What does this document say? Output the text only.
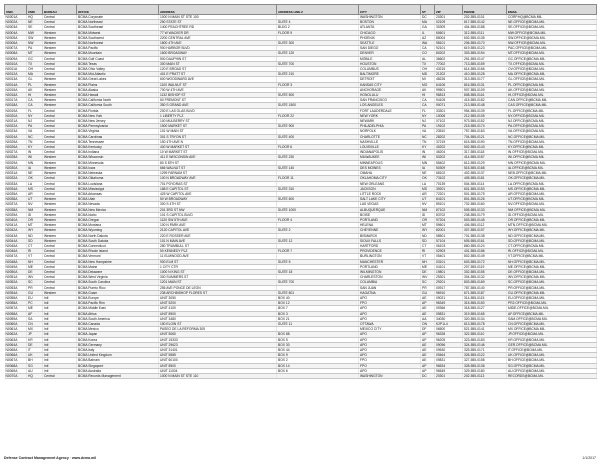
UNIC	CMD	BUREAU	OFFICE	ADDRESS	ADDRESS LINE 2	CITY	ST	ZIP	PHONE	EMAIL
N0001A	HQ	Central	BCMA Corporate	1000 N MAIN ST STE 100		WASHINGTON	DC	20301	202-555-0101	CORP.HQ@BCMA.MIL
N0002A	NE	Central	BCMA Northeast	250 STATE ST	SUITE 4	BOSTON	MA	02109	617-555-0142	NE.OFFICE@BCMA.MIL
N0003A	SE	Central	BCMA Southeast	1400 PEACHTREE RD	BLDG 2	ATLANTA	GA	30309	404-555-0188	SE.OFFICE@BCMA.MIL
N0004A	MW	Western	BCMA Midwest	77 W WACKER DR	FLOOR 9	CHICAGO	IL	60601	312-555-0111	MW.OFFICE@BCMA.MIL
N0005A	SW	Western	BCMA Southwest	2200 CENTRAL AVE		PHOENIX	AZ	85004	602-555-0135	SW.OFFICE@BCMA.MIL
N0006A	NW	Western	BCMA Northwest	1800 4TH AVE	SUITE 300	SEATTLE	WA	98101	206-555-0170	NW.OFFICE@BCMA.MIL
N0007A	PA	Western	BCMA Pacific	900 HARBOR BLVD		SAN DIEGO	CA	92101	619-555-0123	PAC.OFFICE@BCMA.MIL
N0008A	MT	Western	BCMA Mountain	1600 BROADWAY	SUITE 120	DENVER	CO	80202	303-555-0194	MT.OFFICE@BCMA.MIL
N0009A	GC	Central	BCMA Gulf Coast	500 DAUPHIN ST		MOBILE	AL	36602	251-555-0147	GC.OFFICE@BCMA.MIL
N0010A	TX	Central	BCMA Texas	300 MAIN ST	SUITE 700	HOUSTON	TX	77002	713-555-0159	TX.OFFICE@BCMA.MIL
N0011A	OH	Central	BCMA Ohio Valley	120 E BROAD ST		COLUMBUS	OH	43215	614-555-0166	OV.OFFICE@BCMA.MIL
N0012A	MA	Central	BCMA Mid-Atlantic	401 E PRATT ST	SUITE 210	BALTIMORE	MD	21202	410-555-0128	MA.OFFICE@BCMA.MIL
N0013A	GL	Western	BCMA Great Lakes	600 WOODWARD AVE		DETROIT	MI	48226	313-555-0177	GL.OFFICE@BCMA.MIL
N0014A	PL	Western	BCMA Plains	1100 WALNUT ST	FLOOR 3	KANSAS CITY	MO	64106	816-555-0131	PL.OFFICE@BCMA.MIL
N0015A	AK	Western	BCMA Alaska	700 W 4TH AVE		ANCHORAGE	AK	99501	907-555-0109	AK.OFFICE@BCMA.MIL
N0016A	HI	Western	BCMA Hawaii	1132 BISHOP ST	SUITE 500	HONOLULU	HI	96813	808-555-0116	HI.OFFICE@BCMA.MIL
N0017A	CA	Western	BCMA California North	50 FREMONT ST		SAN FRANCISCO	CA	94105	415-555-0182	CAN.OFFICE@BCMA.MIL
N0018A	CA	Western	BCMA California South	350 S GRAND AVE	SUITE 1500	LOS ANGELES	CA	90071	213-555-0148	CAS.OFFICE@BCMA.MIL
N0019A	FL	Central	BCMA Florida	200 E LAS OLAS BLVD		FORT LAUDERDALE	FL	33301	954-555-0139	FL.OFFICE@BCMA.MIL
N0020A	NY	Central	BCMA New York	1 LIBERTY PLZ	FLOOR 22	NEW YORK	NY	10006	212-555-0105	NY.OFFICE@BCMA.MIL
N0021A	NJ	Central	BCMA New Jersey	100 MULBERRY ST		NEWARK	NJ	07102	973-555-0152	NJ.OFFICE@BCMA.MIL
N0022A	PA	Central	BCMA Pennsylvania	1500 MARKET ST	SUITE 900	PHILADELPHIA	PA	19102	215-555-0174	PA.OFFICE@BCMA.MIL
N0023A	VA	Central	BCMA Virginia	101 W MAIN ST		NORFOLK	VA	23510	757-555-0163	VA.OFFICE@BCMA.MIL
N0024A	NC	Central	BCMA Carolinas	301 S TRYON ST	SUITE 400	CHARLOTTE	NC	28202	704-555-0121	NC.OFFICE@BCMA.MIL
N0025A	TN	Central	BCMA Tennessee	150 4TH AVE N		NASHVILLE	TN	37219	615-555-0190	TN.OFFICE@BCMA.MIL
N0026A	KY	Central	BCMA Kentucky	400 W MARKET ST	FLOOR 6	LOUISVILLE	KY	40202	502-555-0143	KY.OFFICE@BCMA.MIL
N0027A	IN	Central	BCMA Indiana	10 W MARKET ST		INDIANAPOLIS	IN	46204	317-555-0118	IN.OFFICE@BCMA.MIL
N0028A	WI	Western	BCMA Wisconsin	411 E WISCONSIN AVE	SUITE 230	MILWAUKEE	WI	53202	414-555-0157	WI.OFFICE@BCMA.MIL
N0029A	MN	Western	BCMA Minnesota	80 S 8TH ST		MINNEAPOLIS	MN	55402	612-555-0129	MN.OFFICE@BCMA.MIL
N0030A	IA	Western	BCMA Iowa	666 WALNUT ST	SUITE 140	DES MOINES	IA	50309	515-555-0168	IA.OFFICE@BCMA.MIL
N0031A	NE	Western	BCMA Nebraska	1299 FARNAM ST		OMAHA	NE	68102	402-555-0137	NEB.OFFICE@BCMA.MIL
N0032A	OK	Central	BCMA Oklahoma	100 N BROADWAY AVE	FLOOR 11	OKLAHOMA CITY	OK	73102	405-555-0181	OK.OFFICE@BCMA.MIL
N0033A	LA	Central	BCMA Louisiana	701 POYDRAS ST		NEW ORLEANS	LA	70139	504-555-0114	LA.OFFICE@BCMA.MIL
N0034A	MS	Central	BCMA Mississippi	188 E CAPITOL ST	SUITE 310	JACKSON	MS	39201	601-555-0153	MS.OFFICE@BCMA.MIL
N0035A	AR	Central	BCMA Arkansas	425 W CAPITOL AVE		LITTLE ROCK	AR	72201	501-555-0175	AR.OFFICE@BCMA.MIL
N0036A	UT	Western	BCMA Utah	50 W BROADWAY	SUITE 600	SALT LAKE CITY	UT	84101	801-555-0126	UT.OFFICE@BCMA.MIL
N0037A	NV	Western	BCMA Nevada	300 S 4TH ST		LAS VEGAS	NV	89101	702-555-0160	NV.OFFICE@BCMA.MIL
N0038A	NM	Western	BCMA New Mexico	201 3RD ST NW	SUITE 1000	ALBUQUERQUE	NM	87102	505-555-0133	NM.OFFICE@BCMA.MIL
N0039A	ID	Western	BCMA Idaho	101 S CAPITOL BLVD		BOISE	ID	83702	208-555-0179	ID.OFFICE@BCMA.MIL
N0040A	OR	Western	BCMA Oregon	1120 SW 5TH AVE	FLOOR 4	PORTLAND	OR	97204	503-555-0145	OR.OFFICE@BCMA.MIL
N0041A	MT	Western	BCMA Montana	100 N PARK AVE		HELENA	MT	59601	406-555-0112	MTN.OFFICE@BCMA.MIL
N0042A	WY	Western	BCMA Wyoming	2120 CAPITOL AVE	SUITE 2	CHEYENNE	WY	82001	307-555-0197	WY.OFFICE@BCMA.MIL
N0043A	ND	Western	BCMA North Dakota	220 E ROSSER AVE		BISMARCK	ND	58501	701-555-0138	ND.OFFICE@BCMA.MIL
N0044A	SD	Western	BCMA South Dakota	101 N MAIN AVE	SUITE 12	SIOUX FALLS	SD	57104	605-555-0161	SD.OFFICE@BCMA.MIL
N0045A	CT	Central	BCMA Connecticut	280 TRUMBULL ST		HARTFORD	CT	06103	860-555-0124	CT.OFFICE@BCMA.MIL
N0046A	RI	Central	BCMA Rhode Island	50 KENNEDY PLZ	FLOOR 7	PROVIDENCE	RI	02903	401-555-0186	RI.OFFICE@BCMA.MIL
N0047A	VT	Central	BCMA Vermont	11 ELMWOOD AVE		BURLINGTON	VT	05401	802-555-0149	VT.OFFICE@BCMA.MIL
N0048A	NH	Central	BCMA New Hampshire	900 ELM ST	SUITE 5	MANCHESTER	NH	03101	603-555-0172	NH.OFFICE@BCMA.MIL
N0049A	ME	Central	BCMA Maine	1 CITY CTR		PORTLAND	ME	04101	207-555-0119	ME.OFFICE@BCMA.MIL
N0050A	DE	Central	BCMA Delaware	1000 N KING ST	SUITE 18	WILMINGTON	DE	19801	302-555-0155	DE.OFFICE@BCMA.MIL
N0051A	WV	Central	BCMA West Virginia	300 SUMMERS ST		CHARLESTON	WV	25301	304-555-0132	WV.OFFICE@BCMA.MIL
N0052A	SC	Central	BCMA South Carolina	1201 MAIN ST	SUITE 700	COLUMBIA	SC	29201	803-555-0169	SC.OFFICE@BCMA.MIL
N0053A	PR	Central	BCMA Puerto Rico	255 AVE PONCE DE LEON		SAN JUAN	PR	00917	787-555-0140	PR.OFFICE@BCMA.MIL
N0054A	GU	Western	BCMA Guam	238 ARCHBISHOP FLORES ST	SUITE 801	HAGATNA	GU	96910	671-555-0187	GU.OFFICE@BCMA.MIL
N0055A	EU	Intl	BCMA Europe	UNIT 3050	BOX 40	APO	AE	09021	314-555-0115	EU.OFFICE@BCMA.MIL
N0056A	PC	Intl	BCMA Pacific Rim	UNIT 5200	BOX 12	FPO	AP	96349	315-555-0150	PR2.OFFICE@BCMA.MIL
N0057A	ME	Intl	BCMA Middle East	UNIT 4100	BOX 7	APO	AE	09366	318-555-0127	MIDE.OFFICE@BCMA.MIL
N0058A	AF	Intl	BCMA Africa	UNIT 8900	BOX 3	APO	AE	09831	319-555-0165	AF.OFFICE@BCMA.MIL
N0059A	SA	Intl	BCMA South America	UNIT 3480	BOX 21	APO	AA	34030	320-555-0134	SAM.OFFICE@BCMA.MIL
N0060A	CN	Intl	BCMA Canada	150 ELGIN ST	SUITE 11	OTTAWA	ON	K2P1L4	613-555-0178	CN.OFFICE@BCMA.MIL
N0061A	MX	Intl	BCMA Mexico	PASEO DE LA REFORMA 305		MEXICO CITY	DF	06500	521-555-0141	MX.OFFICE@BCMA.MIL
N0062A	JP	Intl	BCMA Japan	UNIT 5060	BOX 88	APO	AP	96328	322-555-0110	JP.OFFICE@BCMA.MIL
N0063A	KR	Intl	BCMA Korea	UNIT 15333	BOX 5	APO	AP	96205	323-555-0183	KR.OFFICE@BCMA.MIL
N0064A	DE	Intl	BCMA Germany	UNIT 29623	BOX 30	APO	AE	09096	324-555-0146	GER.OFFICE@BCMA.MIL
N0065A	IT	Intl	BCMA Italy	UNIT 31401	BOX 44	APO	AE	09630	325-555-0171	IT.OFFICE@BCMA.MIL
N0066A	UK	Intl	BCMA United Kingdom	UNIT 5585	BOX 9	APO	AE	09464	326-555-0122	UK.OFFICE@BCMA.MIL
N0067A	BH	Intl	BCMA Bahrain	UNIT 60100	BOX 2	FPO	AE	09831	327-555-0158	BH.OFFICE@BCMA.MIL
N0068A	SG	Intl	BCMA Singapore	UNIT 8500	BOX 14	FPO	AP	96534	328-555-0136	SG.OFFICE@BCMA.MIL
N0069A	AU	Intl	BCMA Australia	UNIT 11004	BOX 6	APO	AP	96549	329-555-0180	AU.OFFICE@BCMA.MIL
N0070A	HQ	Central	BCMA Records Management	1000 N MAIN ST STE 110		WASHINGTON	DC	20301	202-555-0113	RECORDS@BCMA.MIL
Defense Contract Management Agency · www.dcma.mil	1/1/2017
